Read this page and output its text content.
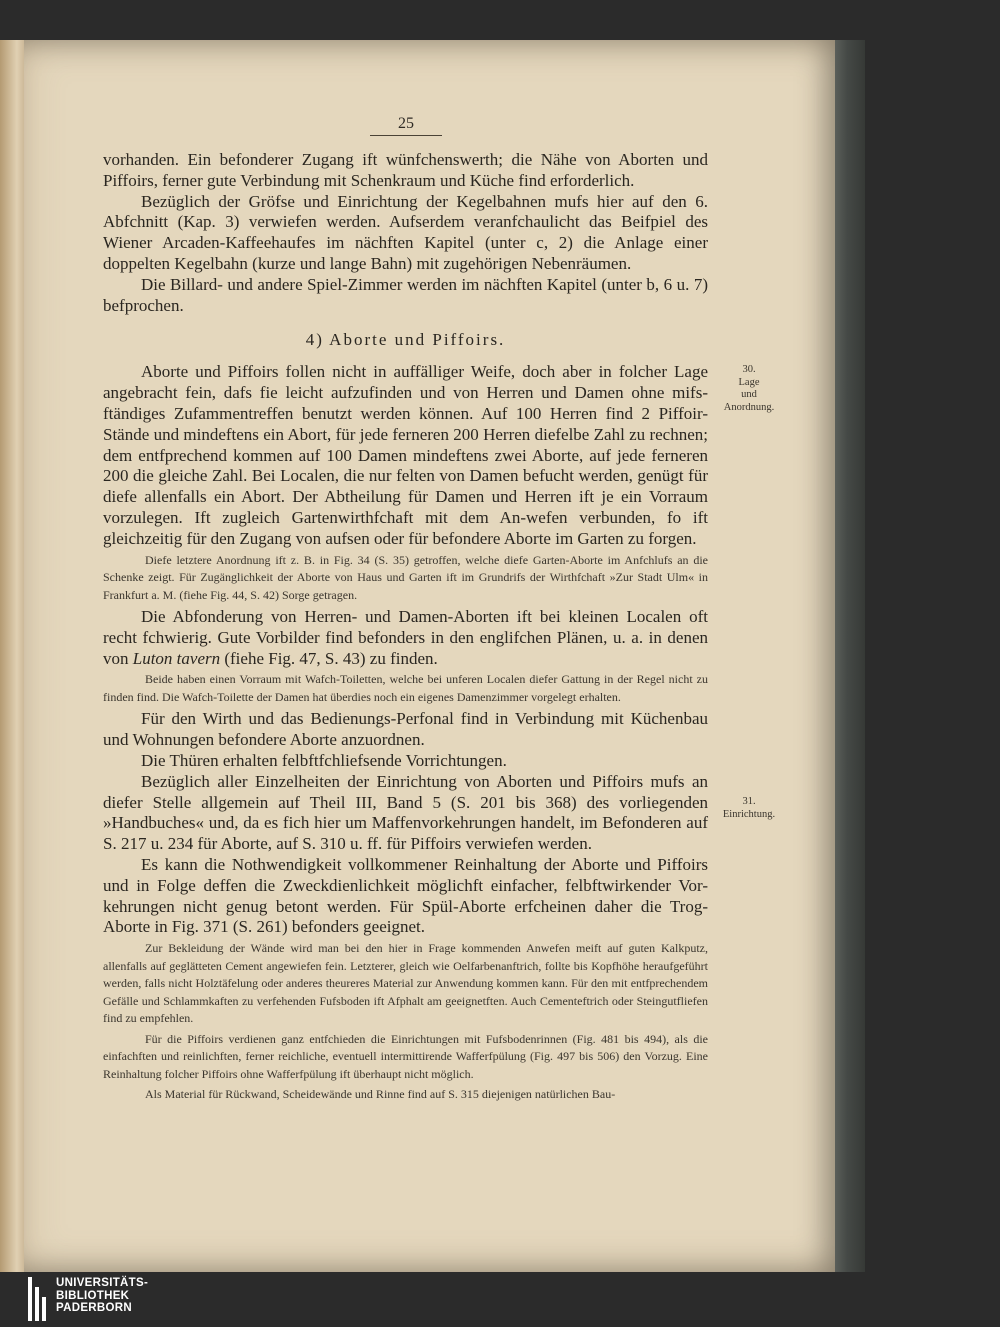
25

vorhanden. Ein befonderer Zugang ift wünfchenswerth; die Nähe von Aborten und Piffoirs, ferner gute Verbindung mit Schenkraum und Küche find erforderlich.

Bezüglich der Gröfse und Einrichtung der Kegelbahnen mufs hier auf den 6. Abfchnitt (Kap. 3) verwiefen werden. Aufserdem veranfchaulicht das Beifpiel des Wiener Arcaden-Kaffeehaufes im nächften Kapitel (unter c, 2) die Anlage einer doppelten Kegelbahn (kurze und lange Bahn) mit zugehörigen Nebenräumen.

Die Billard- und andere Spiel-Zimmer werden im nächften Kapitel (unter b, 6 u. 7) befprochen.

4) Aborte und Piffoirs.

Aborte und Piffoirs follen nicht in auffälliger Weife, doch aber in folcher Lage angebracht fein, dafs fie leicht aufzufinden und von Herren und Damen ohne mifs-ftändiges Zufammentreffen benutzt werden können. Auf 100 Herren find 2 Piffoir-Stände und mindeftens ein Abort, für jede ferneren 200 Herren diefelbe Zahl zu rechnen; dem entfprechend kommen auf 100 Damen mindeftens zwei Aborte, auf jede ferneren 200 die gleiche Zahl. Bei Localen, die nur felten von Damen befucht werden, genügt für diefe allenfalls ein Abort. Der Abtheilung für Damen und Herren ift je ein Vorraum vorzulegen. Ift zugleich Gartenwirthfchaft mit dem An-wefen verbunden, fo ift gleichzeitig für den Zugang von aufsen oder für befondere Aborte im Garten zu forgen.

Diefe letztere Anordnung ift z. B. in Fig. 34 (S. 35) getroffen, welche diefe Garten-Aborte im Anfchlufs an die Schenke zeigt. Für Zugänglichkeit der Aborte von Haus und Garten ift im Grundrifs der Wirthfchaft »Zur Stadt Ulm« in Frankfurt a. M. (fiehe Fig. 44, S. 42) Sorge getragen.

Die Abfonderung von Herren- und Damen-Aborten ift bei kleinen Localen oft recht fchwierig. Gute Vorbilder find befonders in den englifchen Plänen, u. a. in denen von Luton tavern (fiehe Fig. 47, S. 43) zu finden.

Beide haben einen Vorraum mit Wafch-Toiletten, welche bei unferen Localen diefer Gattung in der Regel nicht zu finden find. Die Wafch-Toilette der Damen hat überdies noch ein eigenes Damenzimmer vorgelegt erhalten.

Für den Wirth und das Bedienungs-Perfonal find in Verbindung mit Küchenbau und Wohnungen befondere Aborte anzuordnen.

Die Thüren erhalten felbftfchliefsende Vorrichtungen.

Bezüglich aller Einzelheiten der Einrichtung von Aborten und Piffoirs mufs an diefer Stelle allgemein auf Theil III, Band 5 (S. 201 bis 368) des vorliegenden »Handbuches« und, da es fich hier um Maffenvorkehrungen handelt, im Befonderen auf S. 217 u. 234 für Aborte, auf S. 310 u. ff. für Piffoirs verwiefen werden.

Es kann die Nothwendigkeit vollkommener Reinhaltung der Aborte und Piffoirs und in Folge deffen die Zweckdienlichkeit möglichft einfacher, felbftwirkender Vor-kehrungen nicht genug betont werden. Für Spül-Aborte erfcheinen daher die Trog-Aborte in Fig. 371 (S. 261) befonders geeignet.

Zur Bekleidung der Wände wird man bei den hier in Frage kommenden Anwefen meift auf guten Kalkputz, allenfalls auf geglätteten Cement angewiefen fein. Letzterer, gleich wie Oelfarbenanftrich, follte bis Kopfhöhe heraufgeführt werden, falls nicht Holztäfelung oder anderes theureres Material zur Anwendung kommen kann. Für den mit entfprechendem Gefälle und Schlammkaften zu verfehenden Fufsboden ift Afphalt am geeignetften. Auch Cementeftrich oder Steingutfliefen find zu empfehlen.

Für die Piffoirs verdienen ganz entfchieden die Einrichtungen mit Fufsbodenrinnen (Fig. 481 bis 494), als die einfachften und reinlichften, ferner reichliche, eventuell intermittirende Wafferfpülung (Fig. 497 bis 506) den Vorzug. Eine Reinhaltung folcher Piffoirs ohne Wafferfpülung ift überhaupt nicht möglich.

Als Material für Rückwand, Scheidewände und Rinne find auf S. 315 diejenigen natürlichen Bau-

30.
Lage
und
Anordnung.
31.
Einrichtung.
UNIVERSITÄTS-
BIBLIOTHEK
PADERBORN
